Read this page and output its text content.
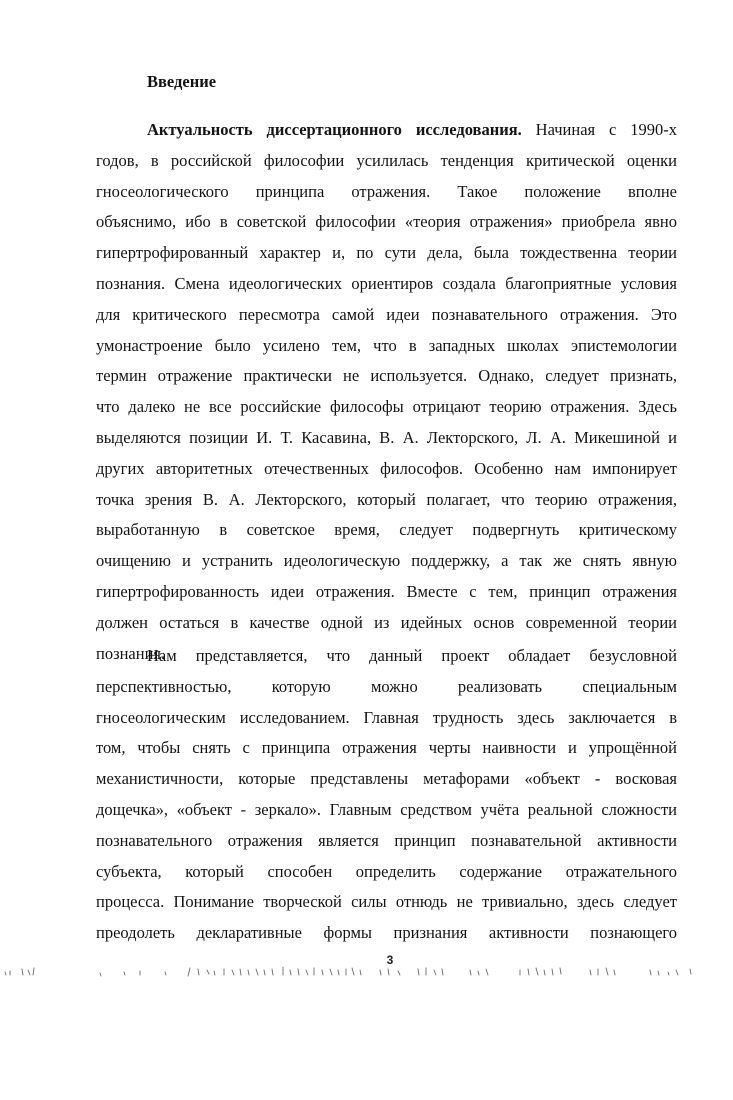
Введение
Актуальность диссертационного исследования. Начиная с 1990-х
годов, в российской философии усилилась тенденция критической оценки
гносеологического принципа отражения. Такое положение вполне
объяснимо, ибо в советской философии «теория отражения» приобрела явно
гипертрофированный характер и, по сути дела, была тождественна теории
познания. Смена идеологических ориентиров создала благоприятные условия
для критического пересмотра самой идеи познавательного отражения. Это
умонастроение было усилено тем, что в западных школах эпистемологии
термин отражение практически не используется. Однако, следует признать,
что далеко не все российские философы отрицают теорию отражения. Здесь
выделяются позиции И. Т. Касавина, В. А. Лекторского, Л. А. Микешиной и
других авторитетных отечественных философов. Особенно нам импонирует
точка зрения В. А. Лекторского, который полагает, что теорию отражения,
выработанную в советское время, следует подвергнуть критическому
очищению и устранить идеологическую поддержку, а так же снять явную
гипертрофированность идеи отражения. Вместе с тем, принцип отражения
должен остаться в качестве одной из идейных основ современной теории
познания.
Нам представляется, что данный проект обладает безусловной
перспективностью, которую можно реализовать специальным
гносеологическим исследованием. Главная трудность здесь заключается в
том, чтобы снять с принципа отражения черты наивности и упрощённой
механистичности, которые представлены метафорами «объект - восковая
дощечка», «объект - зеркало». Главным средством учёта реальной сложности
познавательного отражения является принцип познавательной активности
субъекта, который способен определить содержание отражательного
процесса. Понимание творческой силы отнюдь не тривиально, здесь следует
преодолеть декларативные формы признания активности познающего
3
